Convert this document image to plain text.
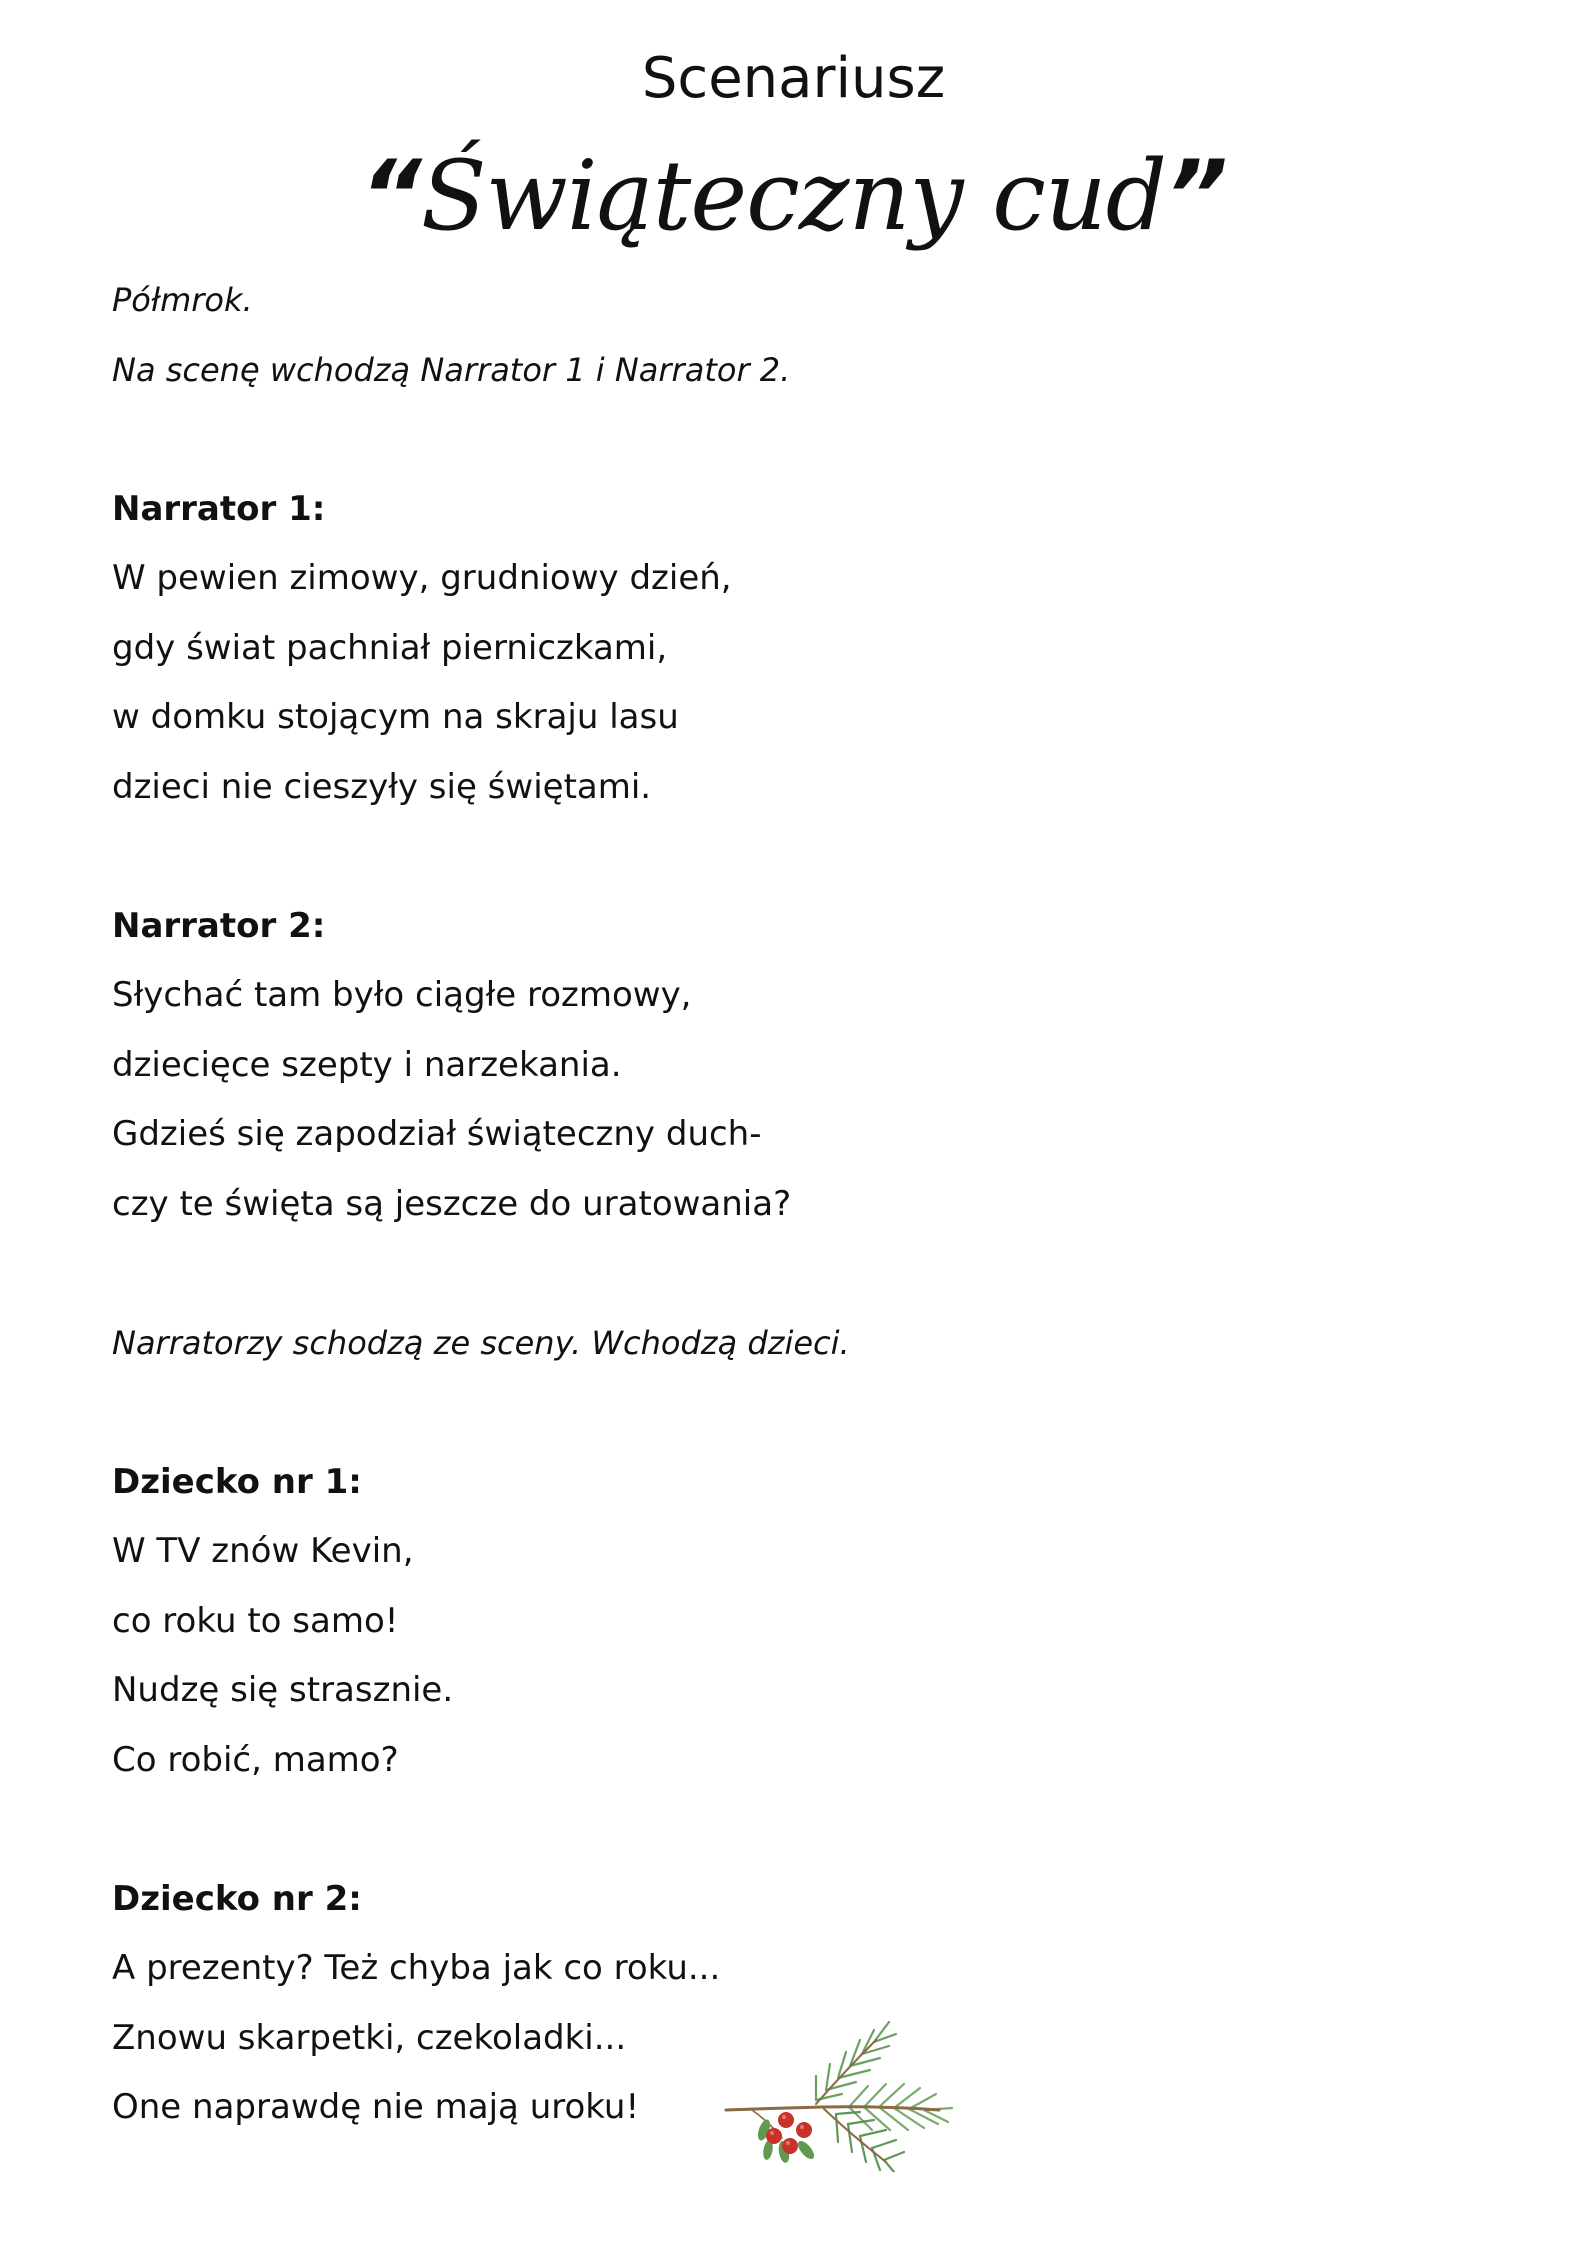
Scenariusz
“Świąteczny cud”

Półmrok.

Na scenę wchodzą Narrator 1 i Narrator 2.

Narrator 1:

W pewien zimowy, grudniowy dzień,

gdy świat pachniał pierniczkami,

w domku stojącym na skraju lasu

dzieci nie cieszyły się świętami.

Narrator 2:

Słychać tam było ciągłe rozmowy,

dziecięce szepty i narzekania.

Gdzieś się zapodział świąteczny duch-

czy te święta są jeszcze do uratowania?

Narratorzy schodzą ze sceny. Wchodzą dzieci.

Dziecko nr 1:

W TV znów Kevin,

co roku to samo!

Nudzę się strasznie.

Co robić, mamo?

Dziecko nr 2:

A prezenty? Też chyba jak co roku...

Znowu skarpetki, czekoladki...

One naprawdę nie mają uroku!
